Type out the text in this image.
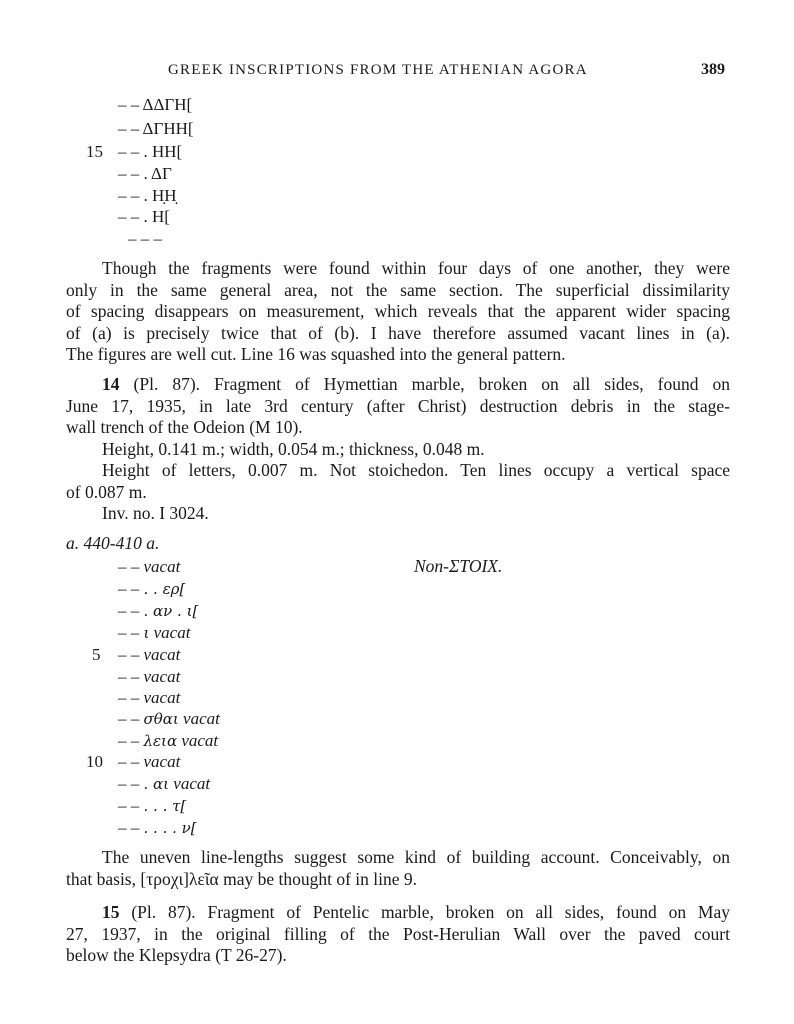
GREEK INSCRIPTIONS FROM THE ATHENIAN AGORA	389
– – ΔΔΓΗ[
– – ΔΓΗΗ[
15 – – . ΗΗ[
– – . ΔΓ
– – . Η̣Η̣
– – . Η[
– – –
Though the fragments were found within four days of one another, they were
only in the same general area, not the same section. The superficial dissimilarity
of spacing disappears on measurement, which reveals that the apparent wider spacing
of (a) is precisely twice that of (b). I have therefore assumed vacant lines in (a).
The figures are well cut. Line 16 was squashed into the general pattern.
14 (Pl. 87). Fragment of Hymettian marble, broken on all sides, found on
June 17, 1935, in late 3rd century (after Christ) destruction debris in the stage-
wall trench of the Odeion (M 10).
Height, 0.141 m.; width, 0.054 m.; thickness, 0.048 m.
Height of letters, 0.007 m. Not stoichedon. Ten lines occupy a vertical space
of 0.087 m.
Inv. no. I 3024.
a. 440-410 a.
Non-ΣΤΟΙΧ.
– – vacat
– – . . ερ[
– – . αν . ι[
– – ι vacat
5 – – vacat
– – vacat
– – vacat
– – σθαι vacat
– – λεια vacat
10 – – vacat
– – . αι vacat
– – . . . τ[
– – . . . . ν[
The uneven line-lengths suggest some kind of building account. Conceivably, on
that basis, [τροχι]λεῖα may be thought of in line 9.
15 (Pl. 87). Fragment of Pentelic marble, broken on all sides, found on May
27, 1937, in the original filling of the Post-Herulian Wall over the paved court
below the Klepsydra (T 26-27).
